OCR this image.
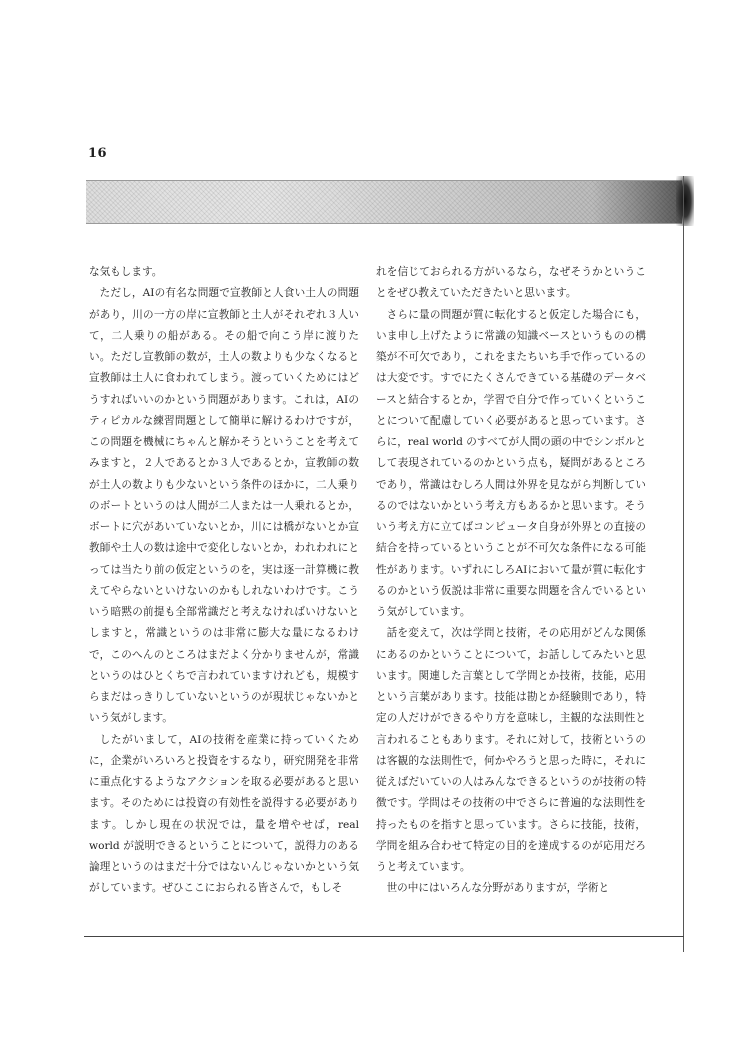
16

な気もします。

ただし，AIの有名な問題で宣教師と人食い土人の問題があり，川の一方の岸に宣教師と土人がそれぞれ３人いて，二人乗りの船がある。その船で向こう岸に渡りたい。ただし宣教師の数が，土人の数よりも少なくなると宣教師は土人に食われてしまう。渡っていくためにはどうすればいいのかという問題があります。これは，AIのティピカルな練習問題として簡単に解けるわけですが，この問題を機械にちゃんと解かそうということを考えてみますと，２人であるとか３人であるとか，宣教師の数が土人の数よりも少ないという条件のほかに，二人乗りのボートというのは人間が二人または一人乗れるとか，ボートに穴があいていないとか，川には橋がないとか宣教師や土人の数は途中で変化しないとか，われわれにとっては当たり前の仮定というのを，実は逐一計算機に教えてやらないといけないのかもしれないわけです。こういう暗黙の前提も全部常識だと考えなければいけないとしますと，常識というのは非常に膨大な量になるわけで，このへんのところはまだよく分かりませんが，常識というのはひとくちで言われていますけれども，規模すらまだはっきりしていないというのが現状じゃないかという気がします。

したがいまして，AIの技術を産業に持っていくために，企業がいろいろと投資をするなり，研究開発を非常に重点化するようなアクションを取る必要があると思います。そのためには投資の有効性を説得する必要があります。しかし現在の状況では，量を増やせば，real world が説明できるということについて，説得力のある論理というのはまだ十分ではないんじゃないかという気がしています。ぜひここにおられる皆さんで，もしそ

れを信じておられる方がいるなら，なぜそうかということをぜひ教えていただきたいと思います。

さらに量の問題が質に転化すると仮定した場合にも，いま申し上げたように常識の知識ベースというものの構築が不可欠であり，これをまたちいち手で作っているのは大変です。すでにたくさんできている基礎のデータベースと結合するとか，学習で自分で作っていくということについて配慮していく必要があると思っています。さらに，real world のすべてが人間の頭の中でシンボルとして表現されているのかという点も，疑問があるところであり，常識はむしろ人間は外界を見ながら判断しているのではないかという考え方もあるかと思います。そういう考え方に立てばコンピュータ自身が外界との直接の結合を持っているということが不可欠な条件になる可能性があります。いずれにしろAIにおいて量が質に転化するのかという仮説は非常に重要な問題を含んでいるという気がしています。

話を変えて，次は学問と技術，その応用がどんな関係にあるのかということについて，お話ししてみたいと思います。関連した言葉として学問とか技術，技能，応用という言葉があります。技能は勘とか経験則であり，特定の人だけができるやり方を意味し，主観的な法則性と言われることもあります。それに対して，技術というのは客観的な法則性で，何かやろうと思った時に，それに従えばだいていの人はみんなできるというのが技術の特徴です。学問はその技術の中でさらに普遍的な法則性を持ったものを指すと思っています。さらに技能，技術，学問を組み合わせて特定の目的を達成するのが応用だろうと考えています。

世の中にはいろんな分野がありますが，学術と
